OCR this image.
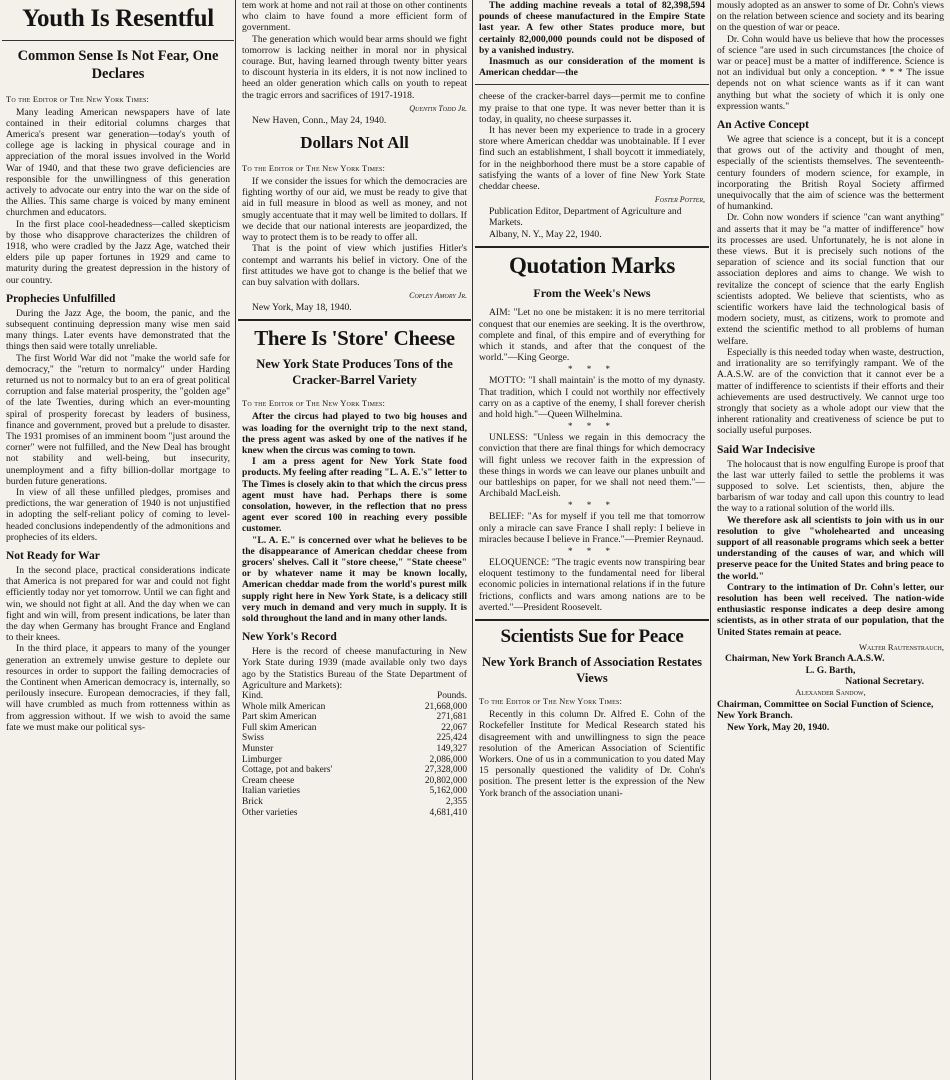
Youth Is Resentful
Common Sense Is Not Fear, One Declares
To the Editor of The New York Times:

Many leading American newspapers have of late contained in their editorial columns charges that America's present war generation—today's youth of college age is lacking in physical courage and in appreciation of the moral issues involved in the World War of 1940, and that these two grave deficiencies are responsible for the unwillingness of this generation actively to advocate our entry into the war on the side of the Allies. This same charge is voiced by many eminent churchmen and educators.

In the first place cool-headedness—called skepticism by those who disapprove characterizes the children of 1918, who were cradled by the Jazz Age, watched their elders pile up paper fortunes in 1929 and came to maturity during the greatest depression in the history of our country.

Prophecies Unfulfilled

During the Jazz Age, the boom, the panic, and the subsequent continuing depression many wise men said many things. Later events have demonstrated that the things then said were totally unreliable.

The first World War did not "make the world safe for democracy," the "return to normalcy" under Harding returned us not to normalcy but to an era of great political corruption and false material prosperity, the "golden age" of the late Twenties, during which an ever-mounting spiral of prosperity forecast by leaders of business, finance and government, proved but a prelude to disaster. The 1931 promises of an imminent boom "just around the corner" were not fulfilled, and the New Deal has brought not stability and well-being, but insecurity, unemployment and a fifty billion-dollar mortgage to burden future generations.

In view of all these unfilled pledges, promises and predictions, the war generation of 1940 is not unjustified in adopting the self-reliant policy of coming to level-headed conclusions independently of the admonitions and prophecies of its elders.

Not Ready for War

In the second place, practical considerations indicate that America is not prepared for war and could not fight efficiently today nor yet tomorrow. Until we can fight and win, we should not fight at all. And the day when we can fight and win will, from present indications, be later than the day when Germany has brought France and England to their knees.

In the third place, it appears to many of the younger generation an extremely unwise gesture to deplete our resources in order to support the failing democracies of the Continent when American democracy is, internally, so perilously insecure. European democracies, if they fall, will have crumbled as much from rottenness within as from aggression without. If we wish to avoid the same fate we must make our political sys-

tem work at home and not rail at those on other continents who claim to have found a more efficient form of government.

The generation which would bear arms should we fight tomorrow is lacking neither in moral nor in physical courage. But, having learned through twenty bitter years to discount hysteria in its elders, it is not now inclined to heed an older generation which calls on youth to repeat the tragic errors and sacrifices of 1917-1918.

Quentin Todd Jr.
New Haven, Conn., May 24, 1940.
Dollars Not All
To the Editor of The New York Times:

If we consider the issues for which the democracies are fighting worthy of our aid, we must be ready to give that aid in full measure in blood as well as money, and not smugly accentuate that it may well be limited to dollars. If we decide that our national interests are jeopardized, the way to protect them is to be ready to offer all.

That is the point of view which justifies Hitler's contempt and warrants his belief in victory. One of the first attitudes we have got to change is the belief that we can buy salvation with dollars.

Copley Amory Jr.
New York, May 18, 1940.
There Is 'Store' Cheese
New York State Produces Tons of the Cracker-Barrel Variety
To the Editor of The New York Times:

After the circus had played to two big houses and was loading for the overnight trip to the next stand, the press agent was asked by one of the natives if he knew when the circus was coming to town.

I am a press agent for New York State food products. My feeling after reading "L. A. E.'s" letter to The Times is closely akin to that which the circus press agent must have had. Perhaps there is some consolation, however, in the reflection that no press agent ever scored 100 in reaching every possible customer.

"L. A. E." is concerned over what he believes to be the disappearance of American cheddar cheese from grocers' shelves. Call it "store cheese," "State cheese" or by whatever name it may be known locally, American cheddar made from the world's purest milk supply right here in New York State, is a delicacy still very much in demand and very much in supply. It is sold throughout the land and in many other lands.

New York's Record

Here is the record of cheese manufacturing in New York State during 1939 (made available only two days ago by the Statistics Bureau of the State Department of Agriculture and Markets):

Kind.	Pounds.
Whole milk American	21,668,000
Part skim American	271,681
Full skim American	22,067
Swiss	225,424
Munster	149,327
Limburger	2,086,000
Cottage, pot and bakers'	27,328,000
Cream cheese	20,802,000
Italian varieties	5,162,000
Brick	2,355
Other varieties	4,681,410

The adding machine reveals a total of 82,398,594 pounds of cheese manufactured in the Empire State last year. A few other States produce more, but certainly 82,000,000 pounds could not be disposed of by a vanished industry.

Inasmuch as our consideration of the moment is American cheddar—the

cheese of the cracker-barrel days—permit me to confine my praise to that one type. It was never better than it is today, in quality, no cheese surpasses it.

It has never been my experience to trade in a grocery store where American cheddar was unobtainable. If I ever find such an establishment, I shall boycott it immediately, for in the neighborhood there must be a store capable of satisfying the wants of a lover of fine New York State cheddar cheese.

Foster Potter,
Publication Editor, Department of Agriculture and Markets.
Albany, N. Y., May 22, 1940.
Quotation Marks
From the Week's News

AIM: "Let no one be mistaken: it is no mere territorial conquest that our enemies are seeking. It is the overthrow, complete and final, of this empire and of everything for which it stands, and after that the conquest of the world."—King George.

* * *

MOTTO: "I shall maintain' is the motto of my dynasty. That tradition, which I could not worthily nor effectively carry on as a captive of the enemy, I shall forever cherish and hold high."—Queen Wilhelmina.

* * *

UNLESS: "Unless we regain in this democracy the conviction that there are final things for which democracy will fight unless we recover faith in the expression of these things in words we can leave our planes unbuilt and our battleships on paper, for we shall not need them."—Archibald MacLeish.

* * *

BELIEF: "As for myself if you tell me that tomorrow only a miracle can save France I shall reply: I believe in miracles because I believe in France."—Premier Reynaud.

* * *

ELOQUENCE: "The tragic events now transpiring bear eloquent testimony to the fundamental need for liberal economic policies in international relations if in the future frictions, conflicts and wars among nations are to be averted."—President Roosevelt.

Scientists Sue for Peace
New York Branch of Association Restates Views
To the Editor of The New York Times:

Recently in this column Dr. Alfred E. Cohn of the Rockefeller Institute for Medical Research stated his disagreement with and unwillingness to sign the peace resolution of the American Association of Scientific Workers. One of us in a communication to you dated May 15 personally questioned the validity of Dr. Cohn's position. The present letter is the expression of the New York branch of the association unani-

mously adopted as an answer to some of Dr. Cohn's views on the relation between science and society and its bearing on the question of war or peace.

Dr. Cohn would have us believe that how the processes of science "are used in such circumstances [the choice of war or peace] must be a matter of indifference. Science is not an individual but only a conception. * * * The issue depends not on what science wants as if it can want anything but what the society of which it is only one expression wants."

An Active Concept

We agree that science is a concept, but it is a concept that grows out of the activity and thought of men, especially of the scientists themselves. The seventeenth-century founders of modern science, for example, in incorporating the British Royal Society affirmed unequivocally that the aim of science was the betterment of humankind.

Dr. Cohn now wonders if science "can want anything" and asserts that it may be "a matter of indifference" how its processes are used. Unfortunately, he is not alone in these views. But it is precisely such notions of the separation of science and its social function that our association deplores and aims to change. We wish to revitalize the concept of science that the early English scientists adopted. We believe that scientists, who as scientific workers have laid the technological basis of modern society, must, as citizens, work to promote and extend the scientific method to all problems of human welfare.

Especially is this needed today when waste, destruction, and irrationality are so terrifyingly rampant. We of the A.A.S.W. are of the conviction that it cannot ever be a matter of indifference to scientists if their efforts and their achievements are used destructively. We cannot urge too strongly that society as a whole adopt our view that the inherent rationality and creativeness of science be put to socially useful purposes.

Said War Indecisive

The holocaust that is now engulfing Europe is proof that the last war utterly failed to settle the problems it was supposed to solve. Let scientists, then, abjure the barbarism of war today and call upon this country to lead the way to a rational solution of the world ills.

We therefore ask all scientists to join with us in our resolution to give "wholehearted and unceasing support of all reasonable programs which seek a better understanding of the causes of war, and which will preserve peace for the United States and bring peace to the world."

Contrary to the intimation of Dr. Cohn's letter, our resolution has been well received. The nation-wide enthusiastic response indicates a deep desire among scientists, as in other strata of our population, that the United States remain at peace.

Walter Rautenstrauch,
Chairman, New York Branch A.A.S.W.
L. G. Barth,
National Secretary.
Alexander Sandow,
Chairman, Committee on Social Function of Science, New York Branch.
New York, May 20, 1940.
